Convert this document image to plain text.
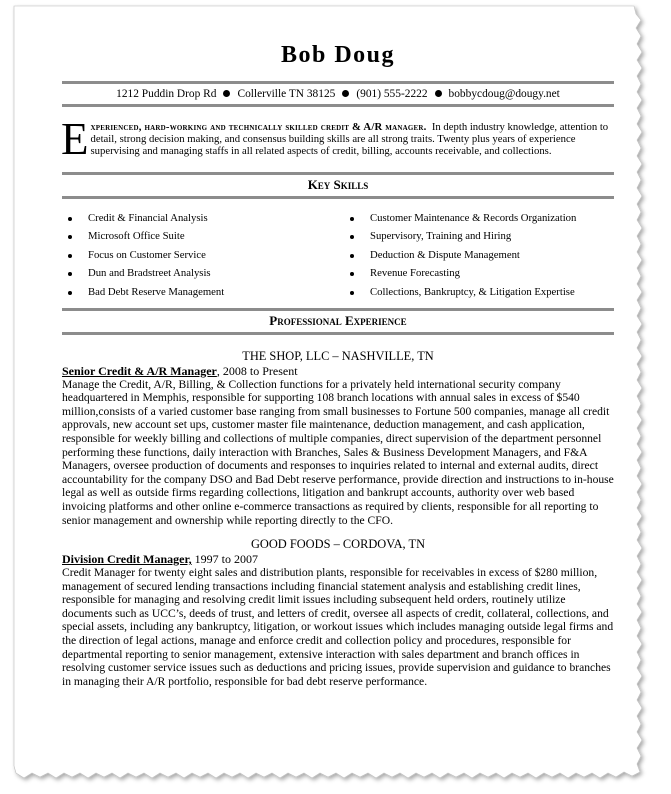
Bob Doug
1212 Puddin Drop Rd Collerville TN 38125 (901) 555-2222 bobbycdoug@dougy.net
Experienced, hard-working and technically skilled credit & A/R manager. In depth industry knowledge, attention to detail, strong decision making, and consensus building skills are all strong traits. Twenty plus years of experience supervising and managing staffs in all related aspects of credit, billing, accounts receivable, and collections.
Key Skills
Credit & Financial Analysis
Microsoft Office Suite
Focus on Customer Service
Dun and Bradstreet Analysis
Bad Debt Reserve Management
Customer Maintenance & Records Organization
Supervisory, Training and Hiring
Deduction & Dispute Management
Revenue Forecasting
Collections, Bankruptcy, & Litigation Expertise
Professional Experience
THE SHOP, LLC – NASHVILLE, TN
Senior Credit & A/R Manager, 2008 to Present

Manage the Credit, A/R, Billing, & Collection functions for a privately held international security company headquartered in Memphis, responsible for supporting 108 branch locations with annual sales in excess of $540 million,consists of a varied customer base ranging from small businesses to Fortune 500 companies, manage all credit approvals, new account set ups, customer master file maintenance, deduction management, and cash application, responsible for weekly billing and collections of multiple companies, direct supervision of the department personnel performing these functions, daily interaction with Branches, Sales & Business Development Managers, and F&A Managers, oversee production of documents and responses to inquiries related to internal and external audits, direct accountability for the company DSO and Bad Debt reserve performance, provide direction and instructions to in-house legal as well as outside firms regarding collections, litigation and bankrupt accounts, authority over web based invoicing platforms and other online e-commerce transactions as required by clients, responsible for all reporting to senior management and ownership while reporting directly to the CFO.

GOOD FOODS – CORDOVA, TN
Division Credit Manager, 1997 to 2007

Credit Manager for twenty eight sales and distribution plants, responsible for receivables in excess of $280 million, management of secured lending transactions including financial statement analysis and establishing credit lines, responsible for managing and resolving credit limit issues including subsequent held orders, routinely utilize documents such as UCC’s, deeds of trust, and letters of credit, oversee all aspects of credit, collateral, collections, and special assets, including any bankruptcy, litigation, or workout issues which includes managing outside legal firms and the direction of legal actions, manage and enforce credit and collection policy and procedures, responsible for departmental reporting to senior management, extensive interaction with sales department and branch offices in resolving customer service issues such as deductions and pricing issues, provide supervision and guidance to branches in managing their A/R portfolio, responsible for bad debt reserve performance.
